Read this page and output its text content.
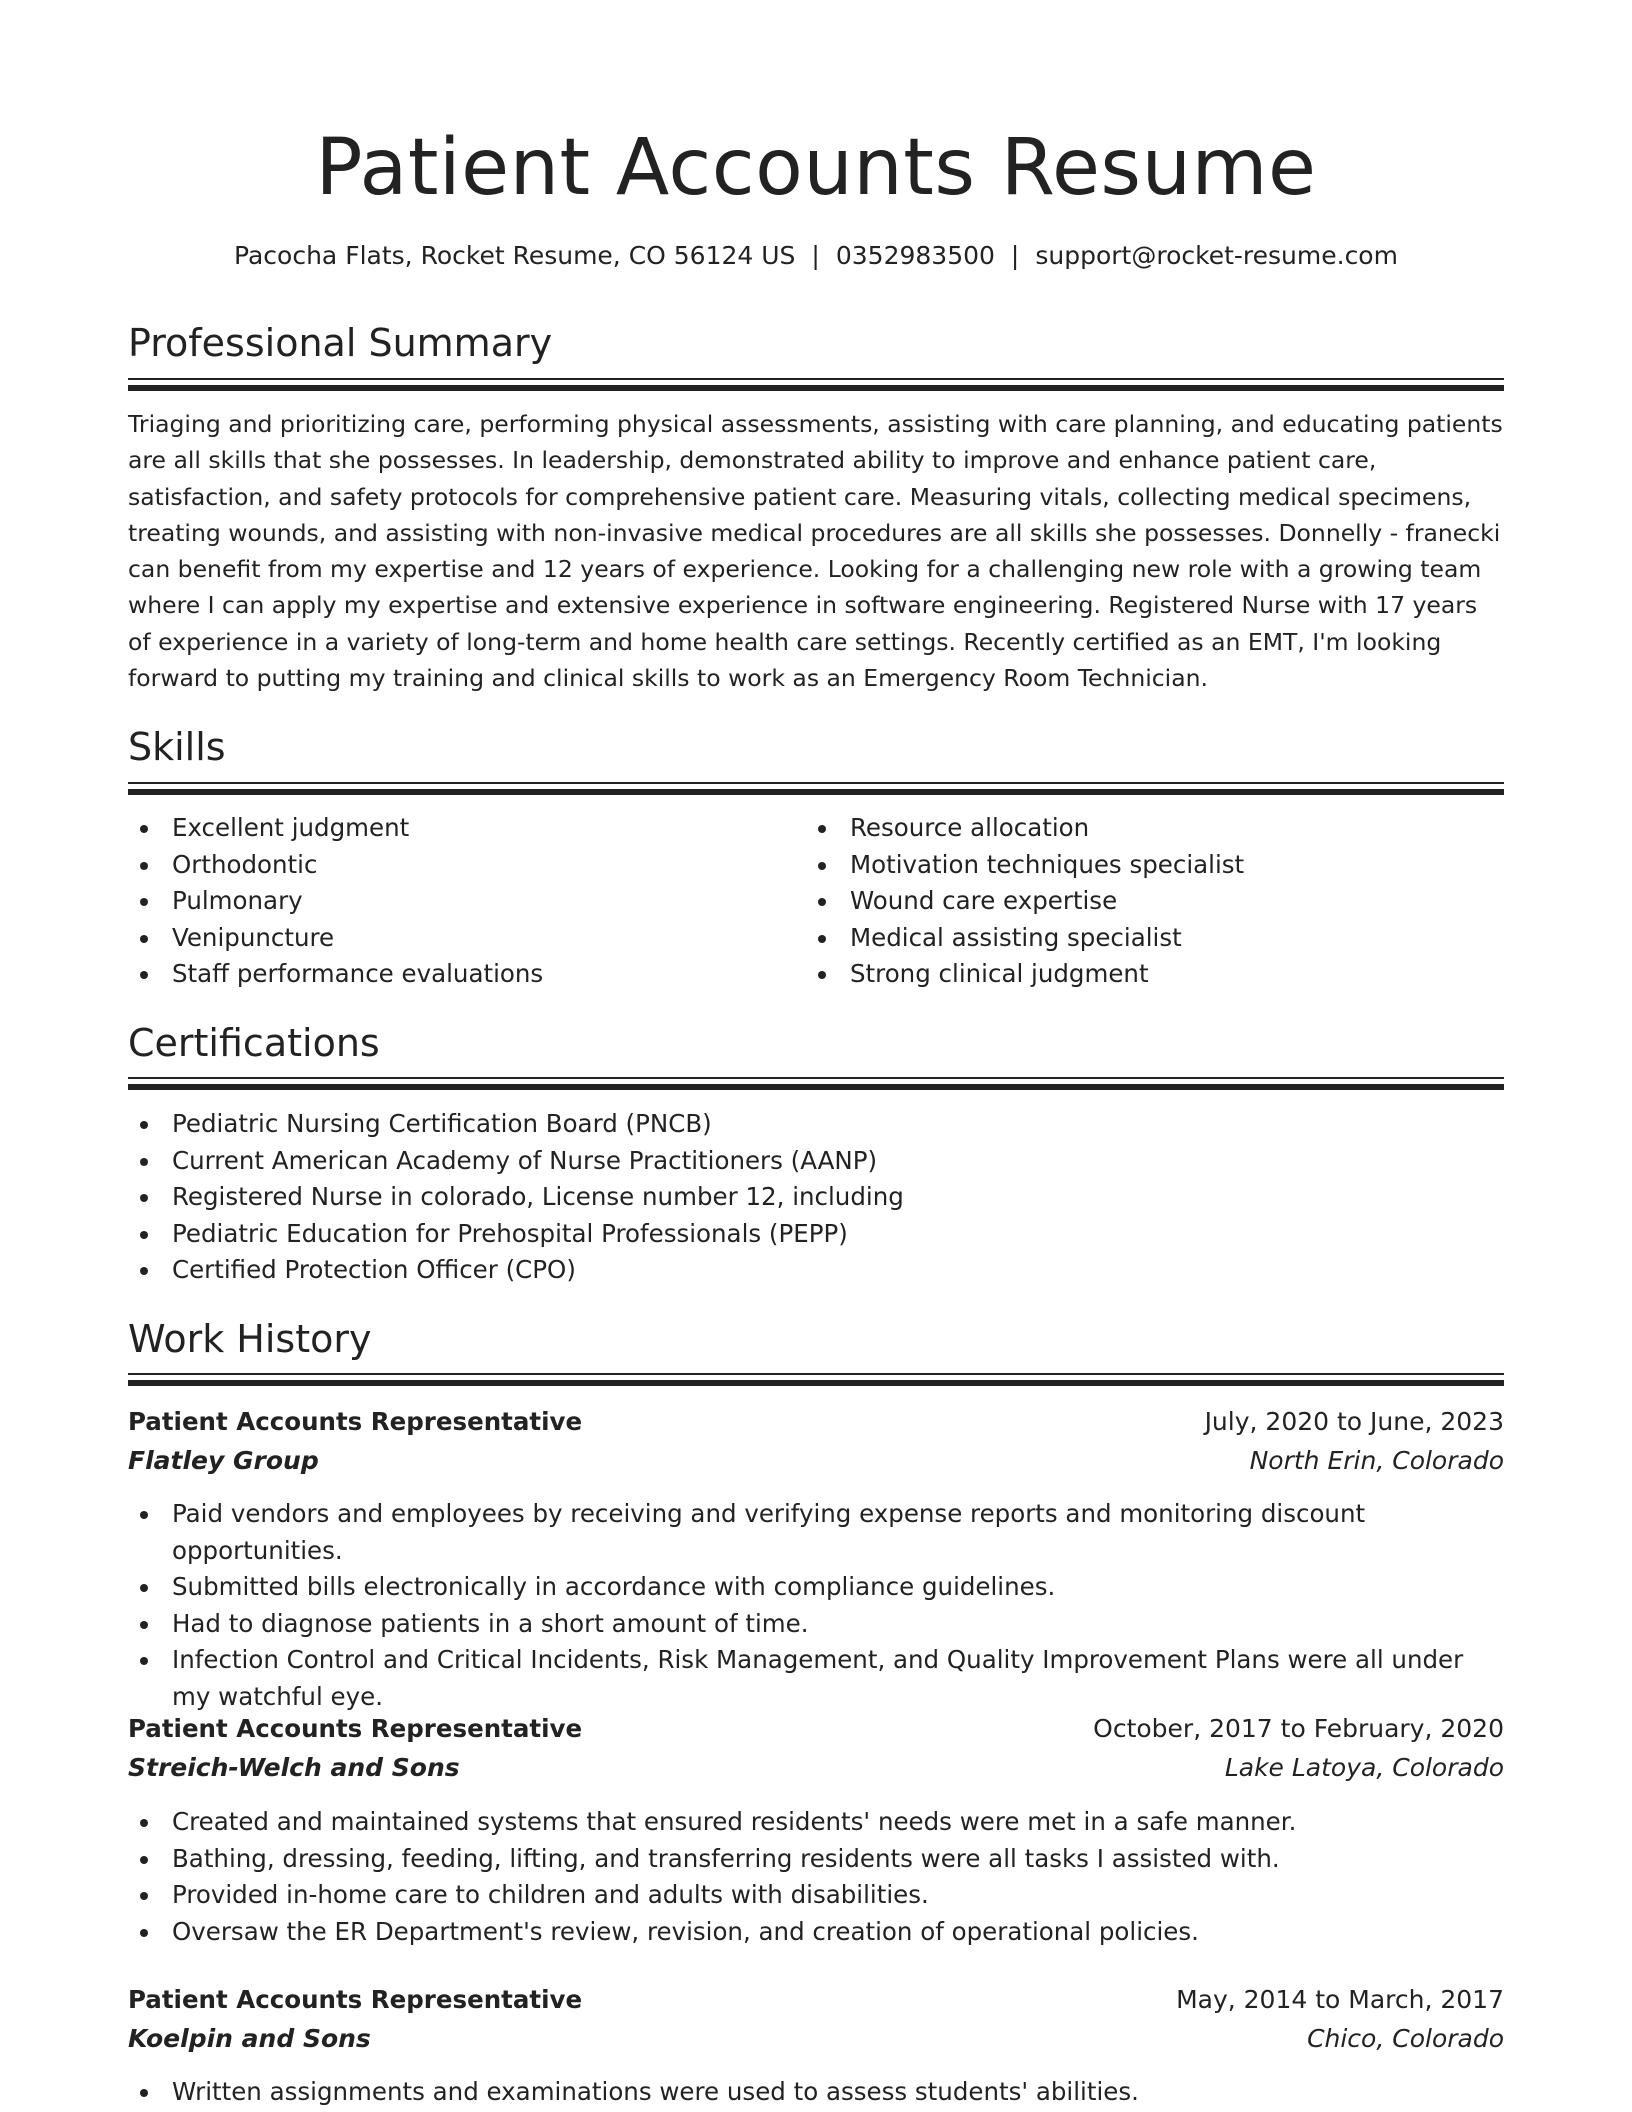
Patient Accounts Resume
Pacocha Flats, Rocket Resume, CO 56124 US | 0352983500 | support@rocket-resume.com
Professional Summary

Triaging and prioritizing care, performing physical assessments, assisting with care planning, and educating patients are all skills that she possesses. In leadership, demonstrated ability to improve and enhance patient care, satisfaction, and safety protocols for comprehensive patient care. Measuring vitals, collecting medical specimens, treating wounds, and assisting with non-invasive medical procedures are all skills she possesses. Donnelly - franecki can benefit from my expertise and 12 years of experience. Looking for a challenging new role with a growing team where I can apply my expertise and extensive experience in software engineering. Registered Nurse with 17 years of experience in a variety of long-term and home health care settings. Recently certified as an EMT, I'm looking forward to putting my training and clinical skills to work as an Emergency Room Technician.

Skills
Excellent judgment
Orthodontic
Pulmonary
Venipuncture
Staff performance evaluations
Resource allocation
Motivation techniques specialist
Wound care expertise
Medical assisting specialist
Strong clinical judgment
Certifications
Pediatric Nursing Certification Board (PNCB)
Current American Academy of Nurse Practitioners (AANP)
Registered Nurse in colorado, License number 12, including
Pediatric Education for Prehospital Professionals (PEPP)
Certified Protection Officer (CPO)
Work History
Patient Accounts Representative	July, 2020 to June, 2023
Flatley Group	North Erin, Colorado
Paid vendors and employees by receiving and verifying expense reports and monitoring discount opportunities.
Submitted bills electronically in accordance with compliance guidelines.
Had to diagnose patients in a short amount of time.
Infection Control and Critical Incidents, Risk Management, and Quality Improvement Plans were all under my watchful eye.
Patient Accounts Representative	October, 2017 to February, 2020
Streich-Welch and Sons	Lake Latoya, Colorado
Created and maintained systems that ensured residents' needs were met in a safe manner.
Bathing, dressing, feeding, lifting, and transferring residents were all tasks I assisted with.
Provided in-home care to children and adults with disabilities.
Oversaw the ER Department's review, revision, and creation of operational policies.
Patient Accounts Representative	May, 2014 to March, 2017
Koelpin and Sons	Chico, Colorado
Written assignments and examinations were used to assess students' abilities.
